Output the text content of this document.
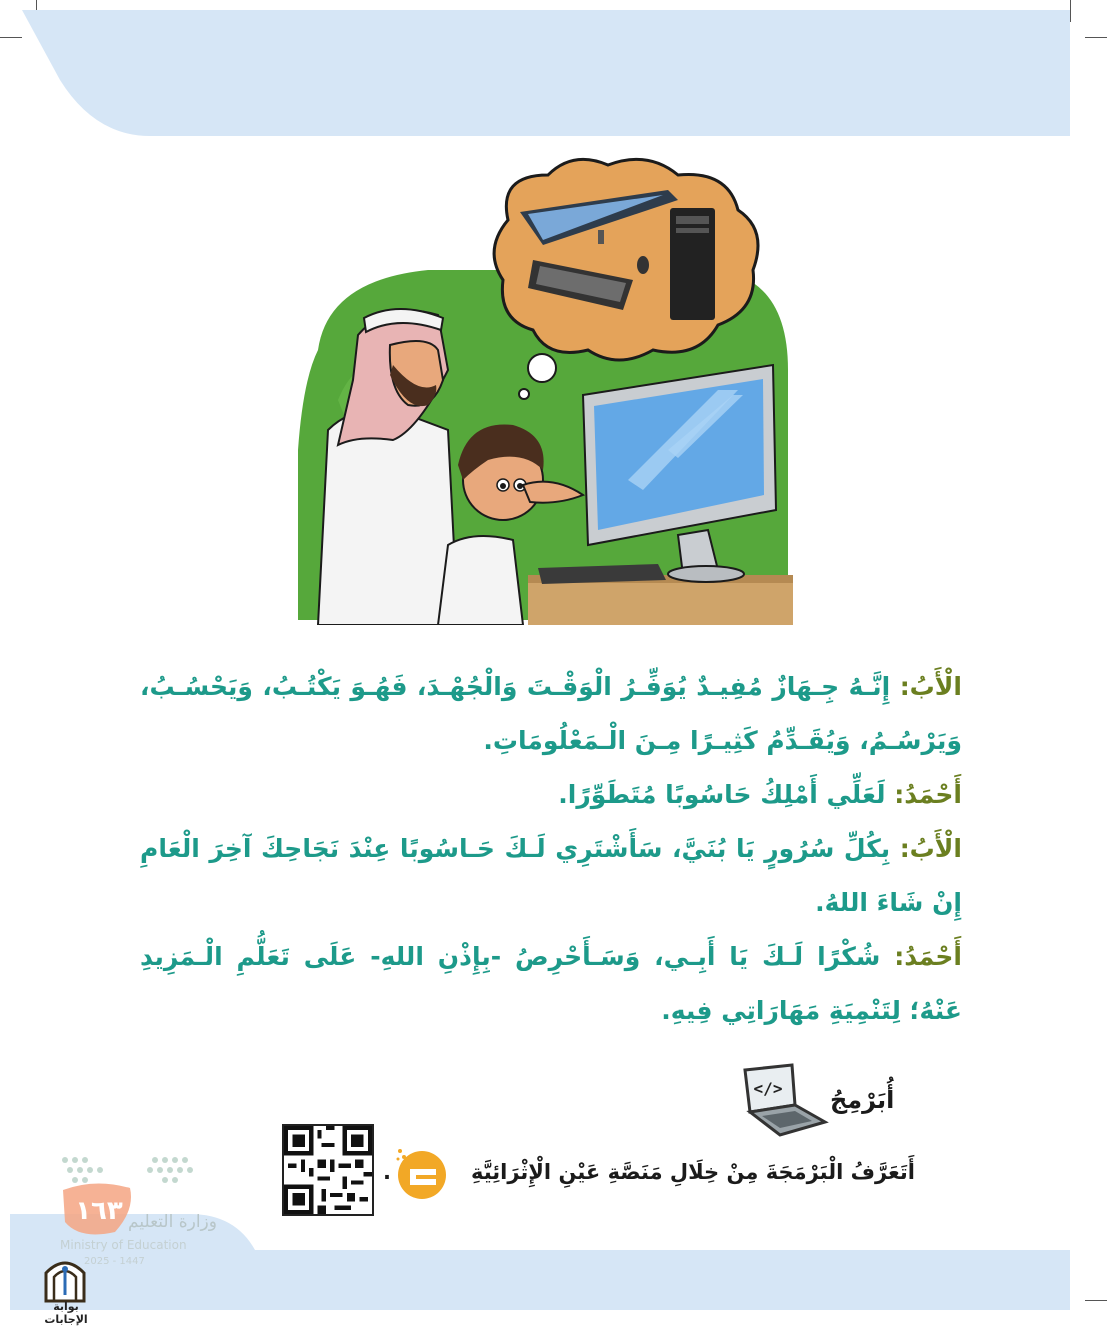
الْأَبُ: إِنَّـهُ جِـهَازٌ مُفِيـدٌ يُوَفِّـرُ الْوَقْـتَ وَالْجُهْـدَ، فَهُـوَ يَكْتُـبُ، وَيَحْسُـبُ، وَيَرْسُـمُ، وَيُقَـدِّمُ كَثِيـرًا مِـنَ الْـمَعْلُومَاتِ.

أَحْمَدُ: لَعَلِّي أَمْلِكُ حَاسُوبًا مُتَطَوِّرًا.

الْأَبُ: بِكُلِّ سُرُورٍ يَا بُنَيَّ، سَأَشْتَرِي لَـكَ حَـاسُوبًا عِنْدَ نَجَاحِكَ آخِرَ الْعَامِ إِنْ شَاءَ اللهُ.

أَحْمَدُ: شُكْرًا لَـكَ يَا أَبِـي، وَسَـأَحْرِصُ -بِإِذْنِ اللهِ- عَلَى تَعَلُّمِ الْـمَزِيدِ عَنْهُ؛ لِتَنْمِيَةِ مَهَارَاتِي فِيهِ.

أُبَرْمِجُ
</>
أَتَعَرَّفُ الْبَرْمَجَةَ مِنْ خِلَالِ مَنَصَّةِ عَيْنِ الْإِثْرَائِيَّةِ
.
١٦٣ وزارة التعليم
Ministry of Education
2025 - 1447
بوابة الإجابات
